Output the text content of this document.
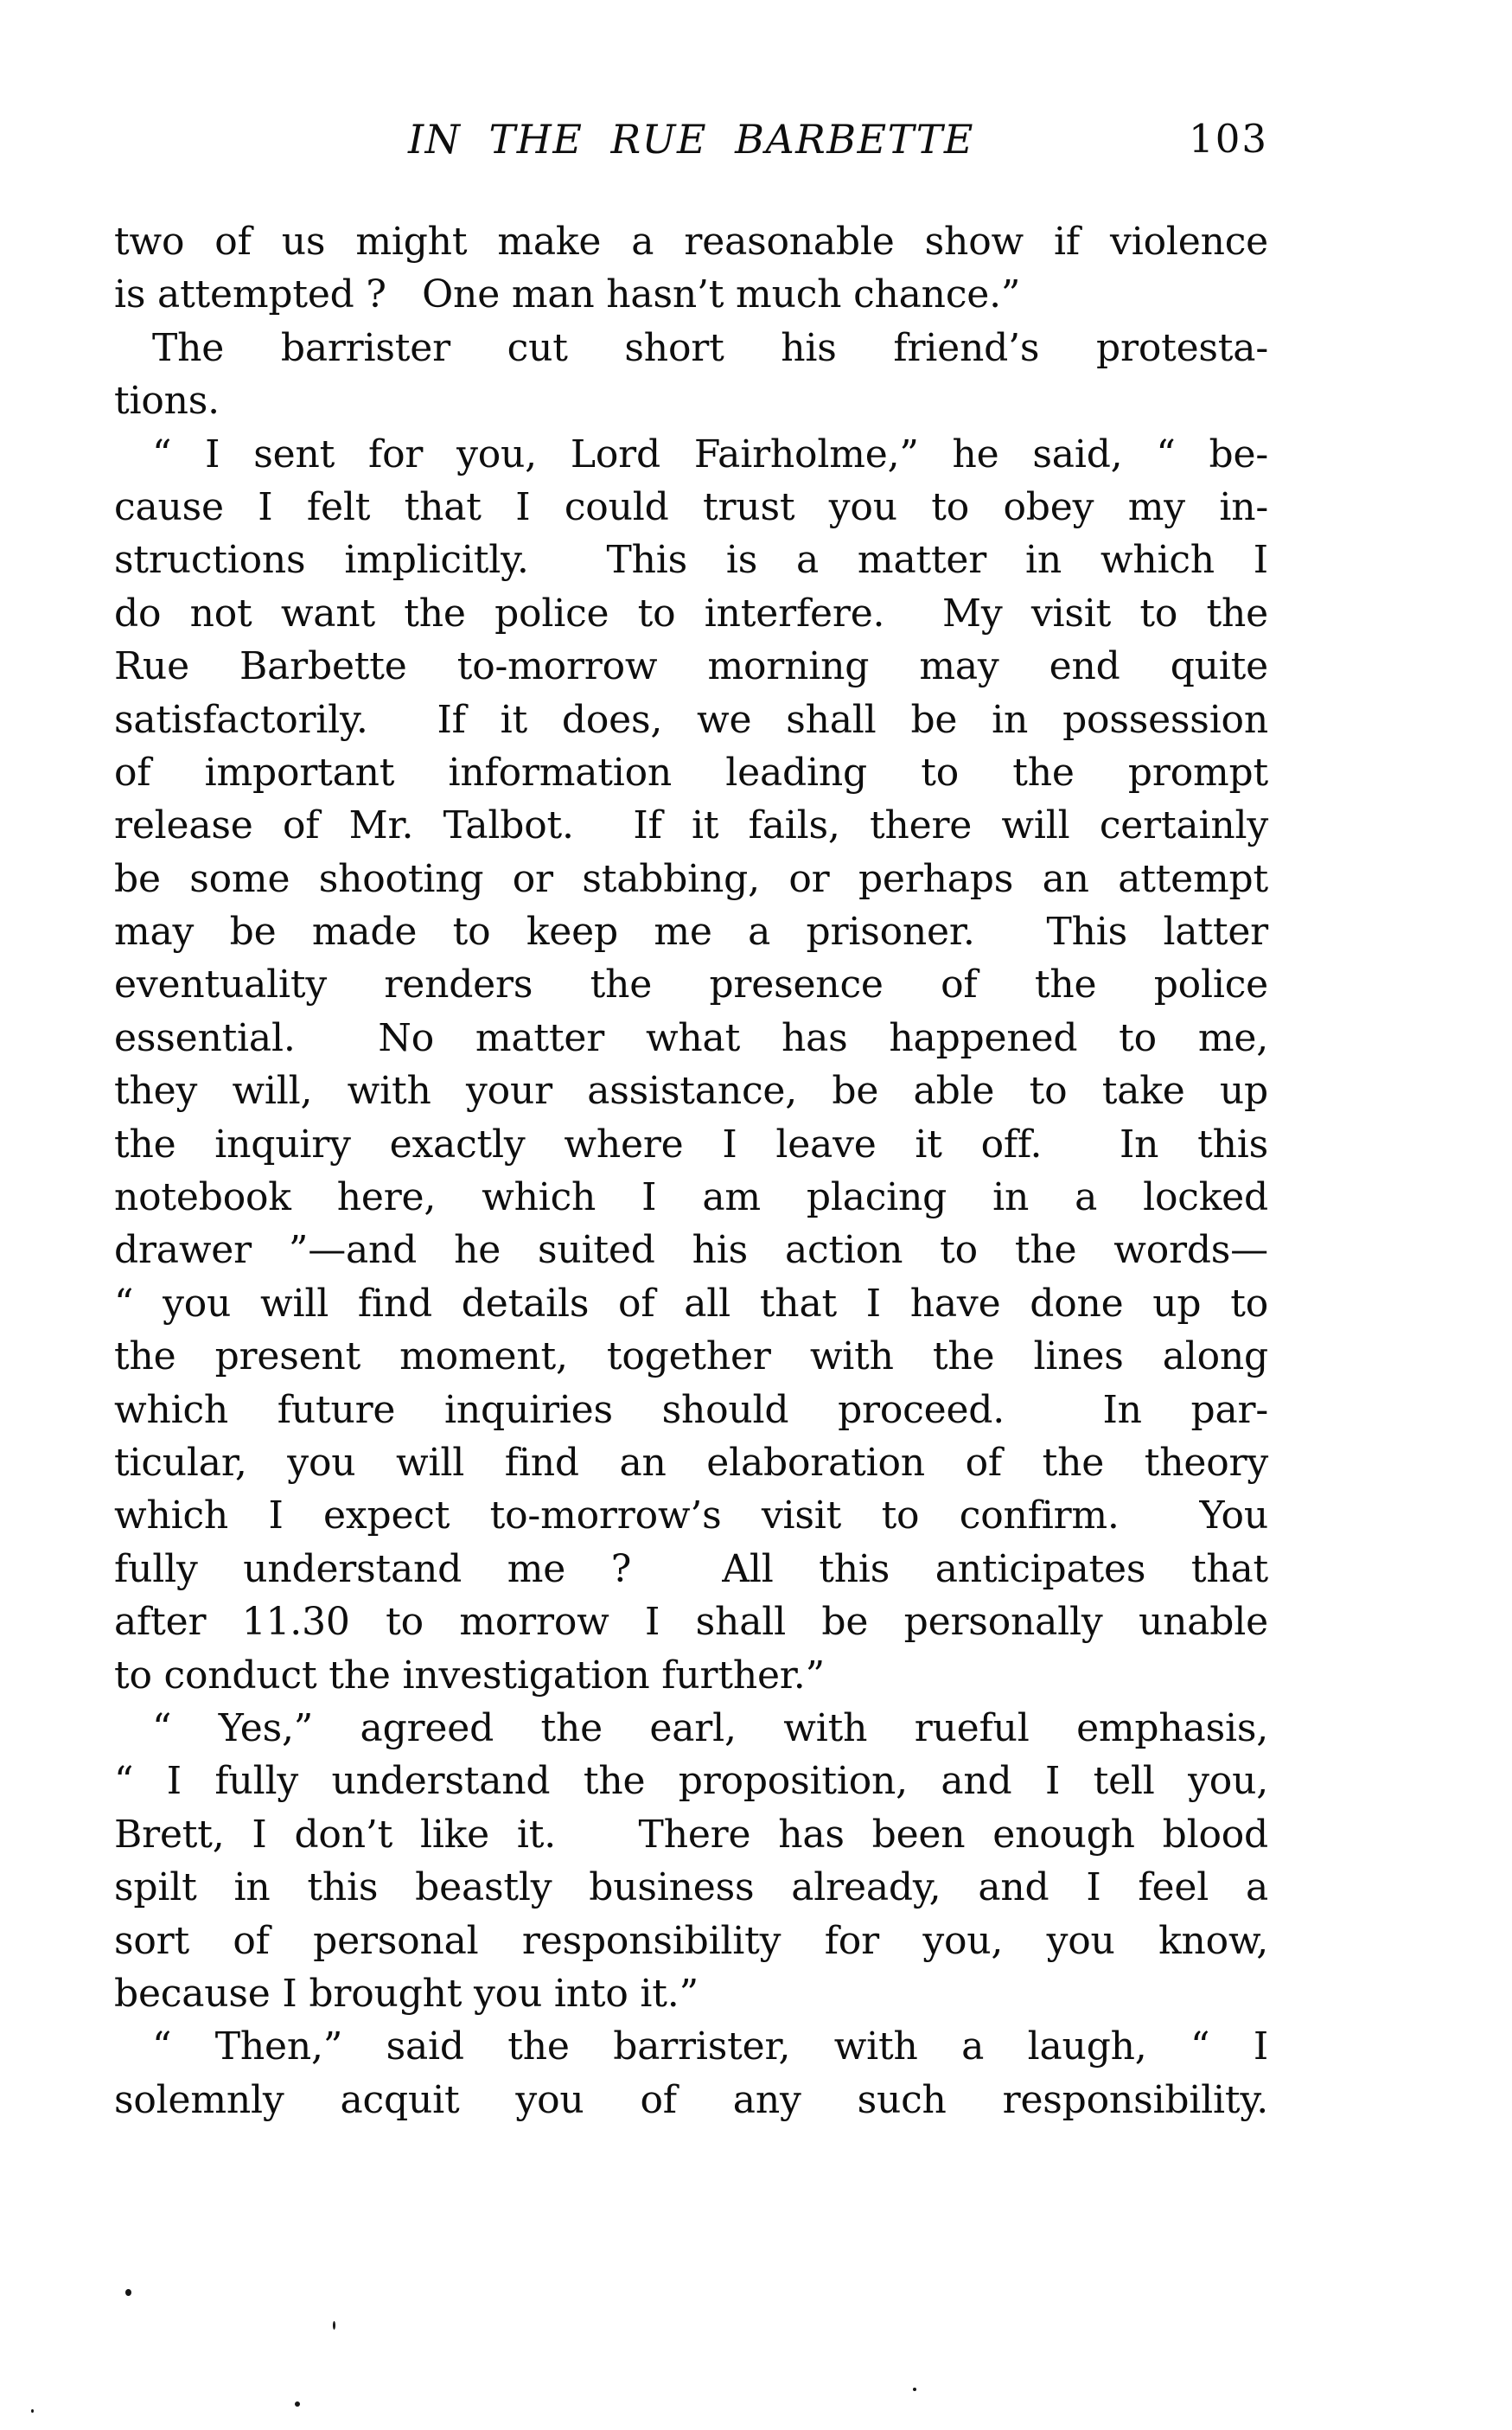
IN THE RUE BARBETTE	103
two of us might make a reasonable show if violence
is attempted ?   One man hasn’t much chance.”
The barrister cut short his friend’s protesta-
tions.
“ I sent for you, Lord Fairholme,” he said, “ be-
cause I felt that I could trust you to obey my in-
structions implicitly.  This is a matter in which I
do not want the police to interfere.  My visit to the
Rue Barbette to-morrow morning may end quite
satisfactorily.  If it does, we shall be in possession
of important information leading to the prompt
release of Mr. Talbot.  If it fails, there will certainly
be some shooting or stabbing, or perhaps an attempt
may be made to keep me a prisoner.  This latter
eventuality renders the presence of the police
essential.  No matter what has happened to me,
they will, with your assistance, be able to take up
the inquiry exactly where I leave it off.  In this
notebook here, which I am placing in a locked
drawer ”—and he suited his action to the words—
“ you will find details of all that I have done up to
the present moment, together with the lines along
which future inquiries should proceed.  In par-
ticular, you will find an elaboration of the theory
which I expect to-morrow’s visit to confirm.  You
fully understand me ?  All this anticipates that
after 11.30 to morrow I shall be personally unable
to conduct the investigation further.”
“ Yes,” agreed the earl, with rueful emphasis,
“ I fully understand the proposition, and I tell you,
Brett, I don’t like it.   There has been enough blood
spilt in this beastly business already, and I feel a
sort of personal responsibility for you, you know,
because I brought you into it.”
“ Then,” said the barrister, with a laugh, “ I
solemnly acquit you of any such responsibility.
